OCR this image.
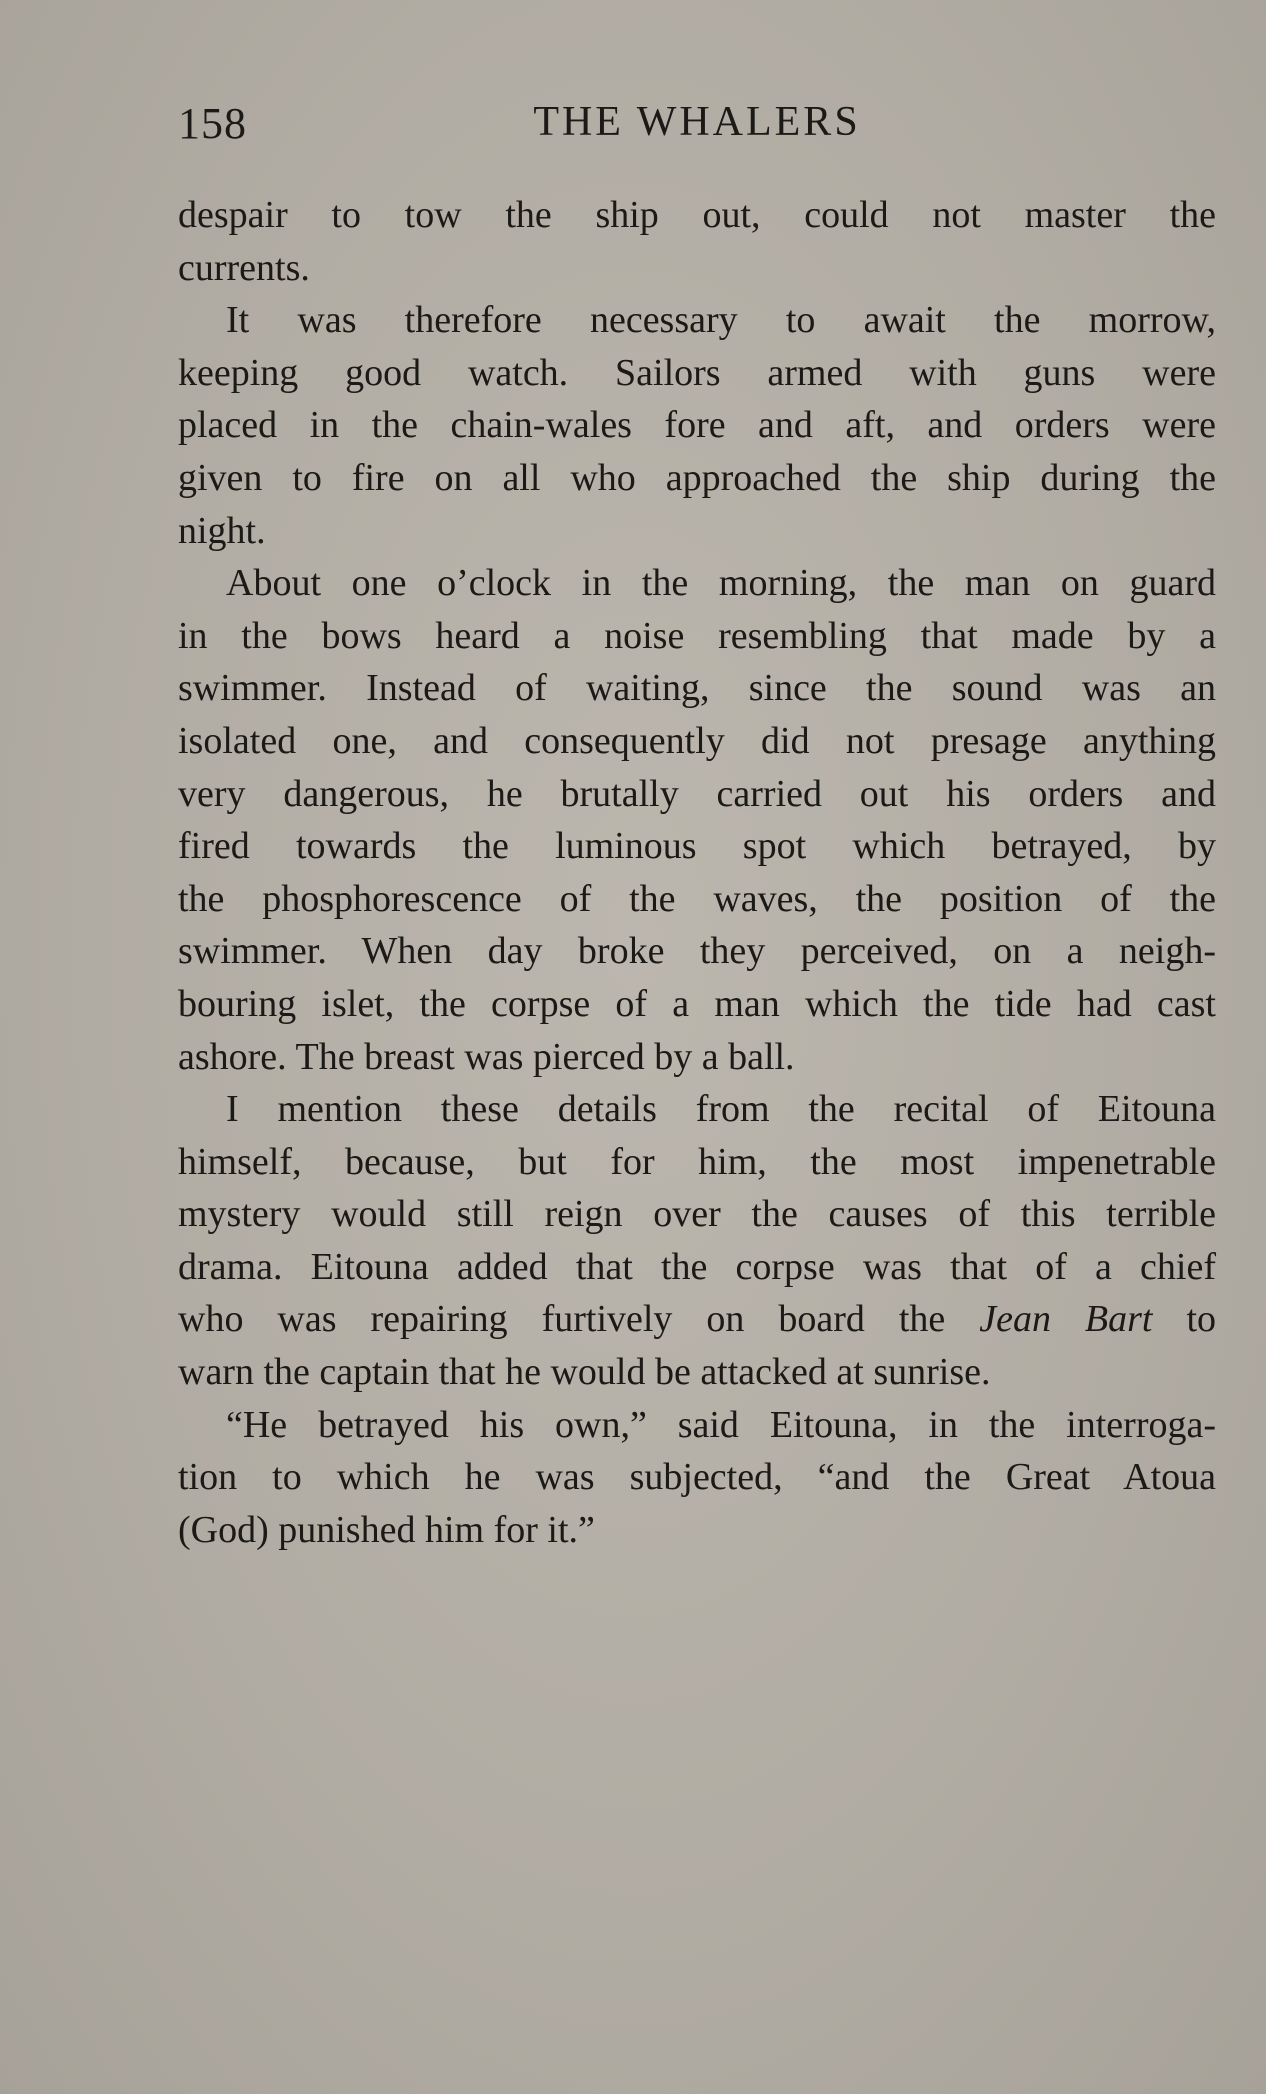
158	THE WHALERS
despair to tow the ship out, could not master the
currents.
It was therefore necessary to await the morrow,
keeping good watch. Sailors armed with guns were
placed in the chain-wales fore and aft, and orders were
given to fire on all who approached the ship during the
night.
About one o’clock in the morning, the man on guard
in the bows heard a noise resembling that made by a
swimmer. Instead of waiting, since the sound was an
isolated one, and consequently did not presage anything
very dangerous, he brutally carried out his orders and
fired towards the luminous spot which betrayed, by
the phosphorescence of the waves, the position of the
swimmer. When day broke they perceived, on a neigh-
bouring islet, the corpse of a man which the tide had cast
ashore. The breast was pierced by a ball.
I mention these details from the recital of Eitouna
himself, because, but for him, the most impenetrable
mystery would still reign over the causes of this terrible
drama. Eitouna added that the corpse was that of a chief
who was repairing furtively on board the Jean Bart to
warn the captain that he would be attacked at sunrise.
“He betrayed his own,” said Eitouna, in the interroga-
tion to which he was subjected, “and the Great Atoua
(God) punished him for it.”
